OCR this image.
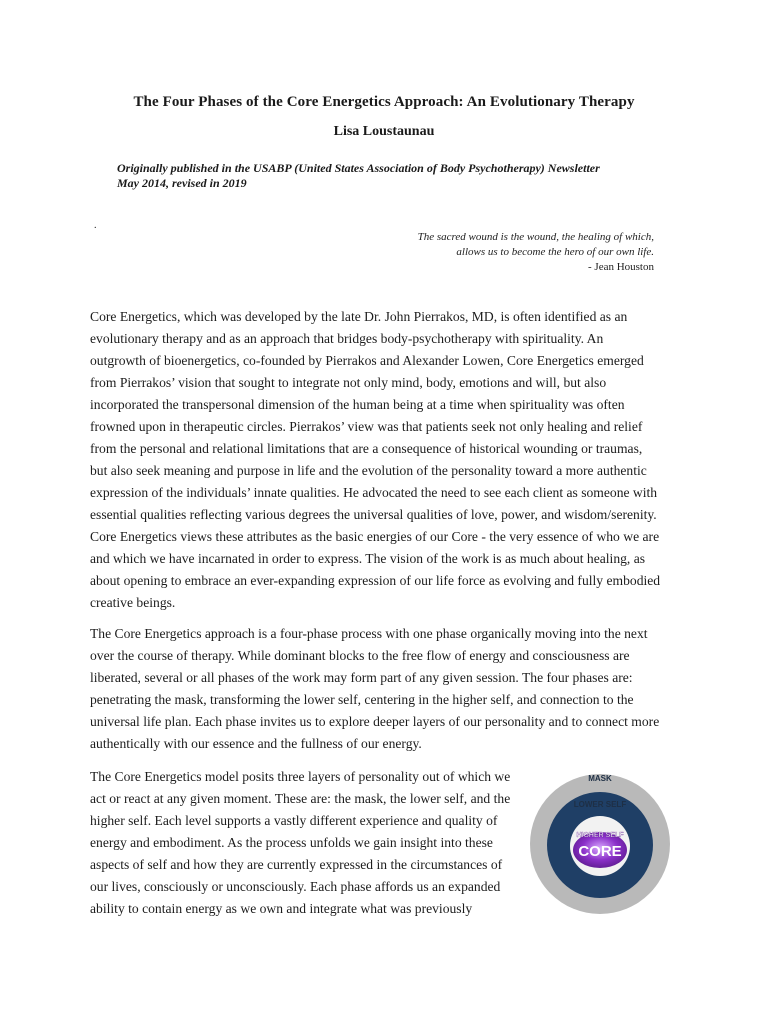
The Four Phases of the Core Energetics Approach: An Evolutionary Therapy
Lisa Loustaunau
Originally published in the USABP (United States Association of Body Psychotherapy) Newsletter
May 2014, revised in 2019
.
The sacred wound is the wound, the healing of which,
allows us to become the hero of our own life.
- Jean Houston
Core Energetics, which was developed by the late Dr. John Pierrakos, MD, is often identified as an
evolutionary therapy and as an approach that bridges body-psychotherapy with spirituality. An
outgrowth of bioenergetics, co-founded by Pierrakos and Alexander Lowen, Core Energetics emerged
from Pierrakos’ vision that sought to integrate not only mind, body, emotions and will, but also
incorporated the transpersonal dimension of the human being at a time when spirituality was often
frowned upon in therapeutic circles. Pierrakos’ view was that patients seek not only healing and relief
from the personal and relational limitations that are a consequence of historical wounding or traumas,
but also seek meaning and purpose in life and the evolution of the personality toward a more authentic
expression of the individuals’ innate qualities. He advocated the need to see each client as someone with
essential qualities reflecting various degrees the universal qualities of love, power, and wisdom/serenity.
Core Energetics views these attributes as the basic energies of our Core - the very essence of who we are
and which we have incarnated in order to express. The vision of the work is as much about healing, as
about opening to embrace an ever-expanding expression of our life force as evolving and fully embodied
creative beings.
The Core Energetics approach is a four-phase process with one phase organically moving into the next
over the course of therapy. While dominant blocks to the free flow of energy and consciousness are
liberated, several or all phases of the work may form part of any given session. The four phases are:
penetrating the mask, transforming the lower self, centering in the higher self, and connection to the
universal life plan. Each phase invites us to explore deeper layers of our personality and to connect more
authentically with our essence and the fullness of our energy.
The Core Energetics model posits three layers of personality out of which we
act or react at any given moment. These are: the mask, the lower self, and the
higher self. Each level supports a vastly different experience and quality of
energy and embodiment. As the process unfolds we gain insight into these
aspects of self and how they are currently expressed in the circumstances of
our lives, consciously or unconsciously. Each phase affords us an expanded
ability to contain energy as we own and integrate what was previously
MASK
LOWER SELF
HIGHER SELF
CORE
